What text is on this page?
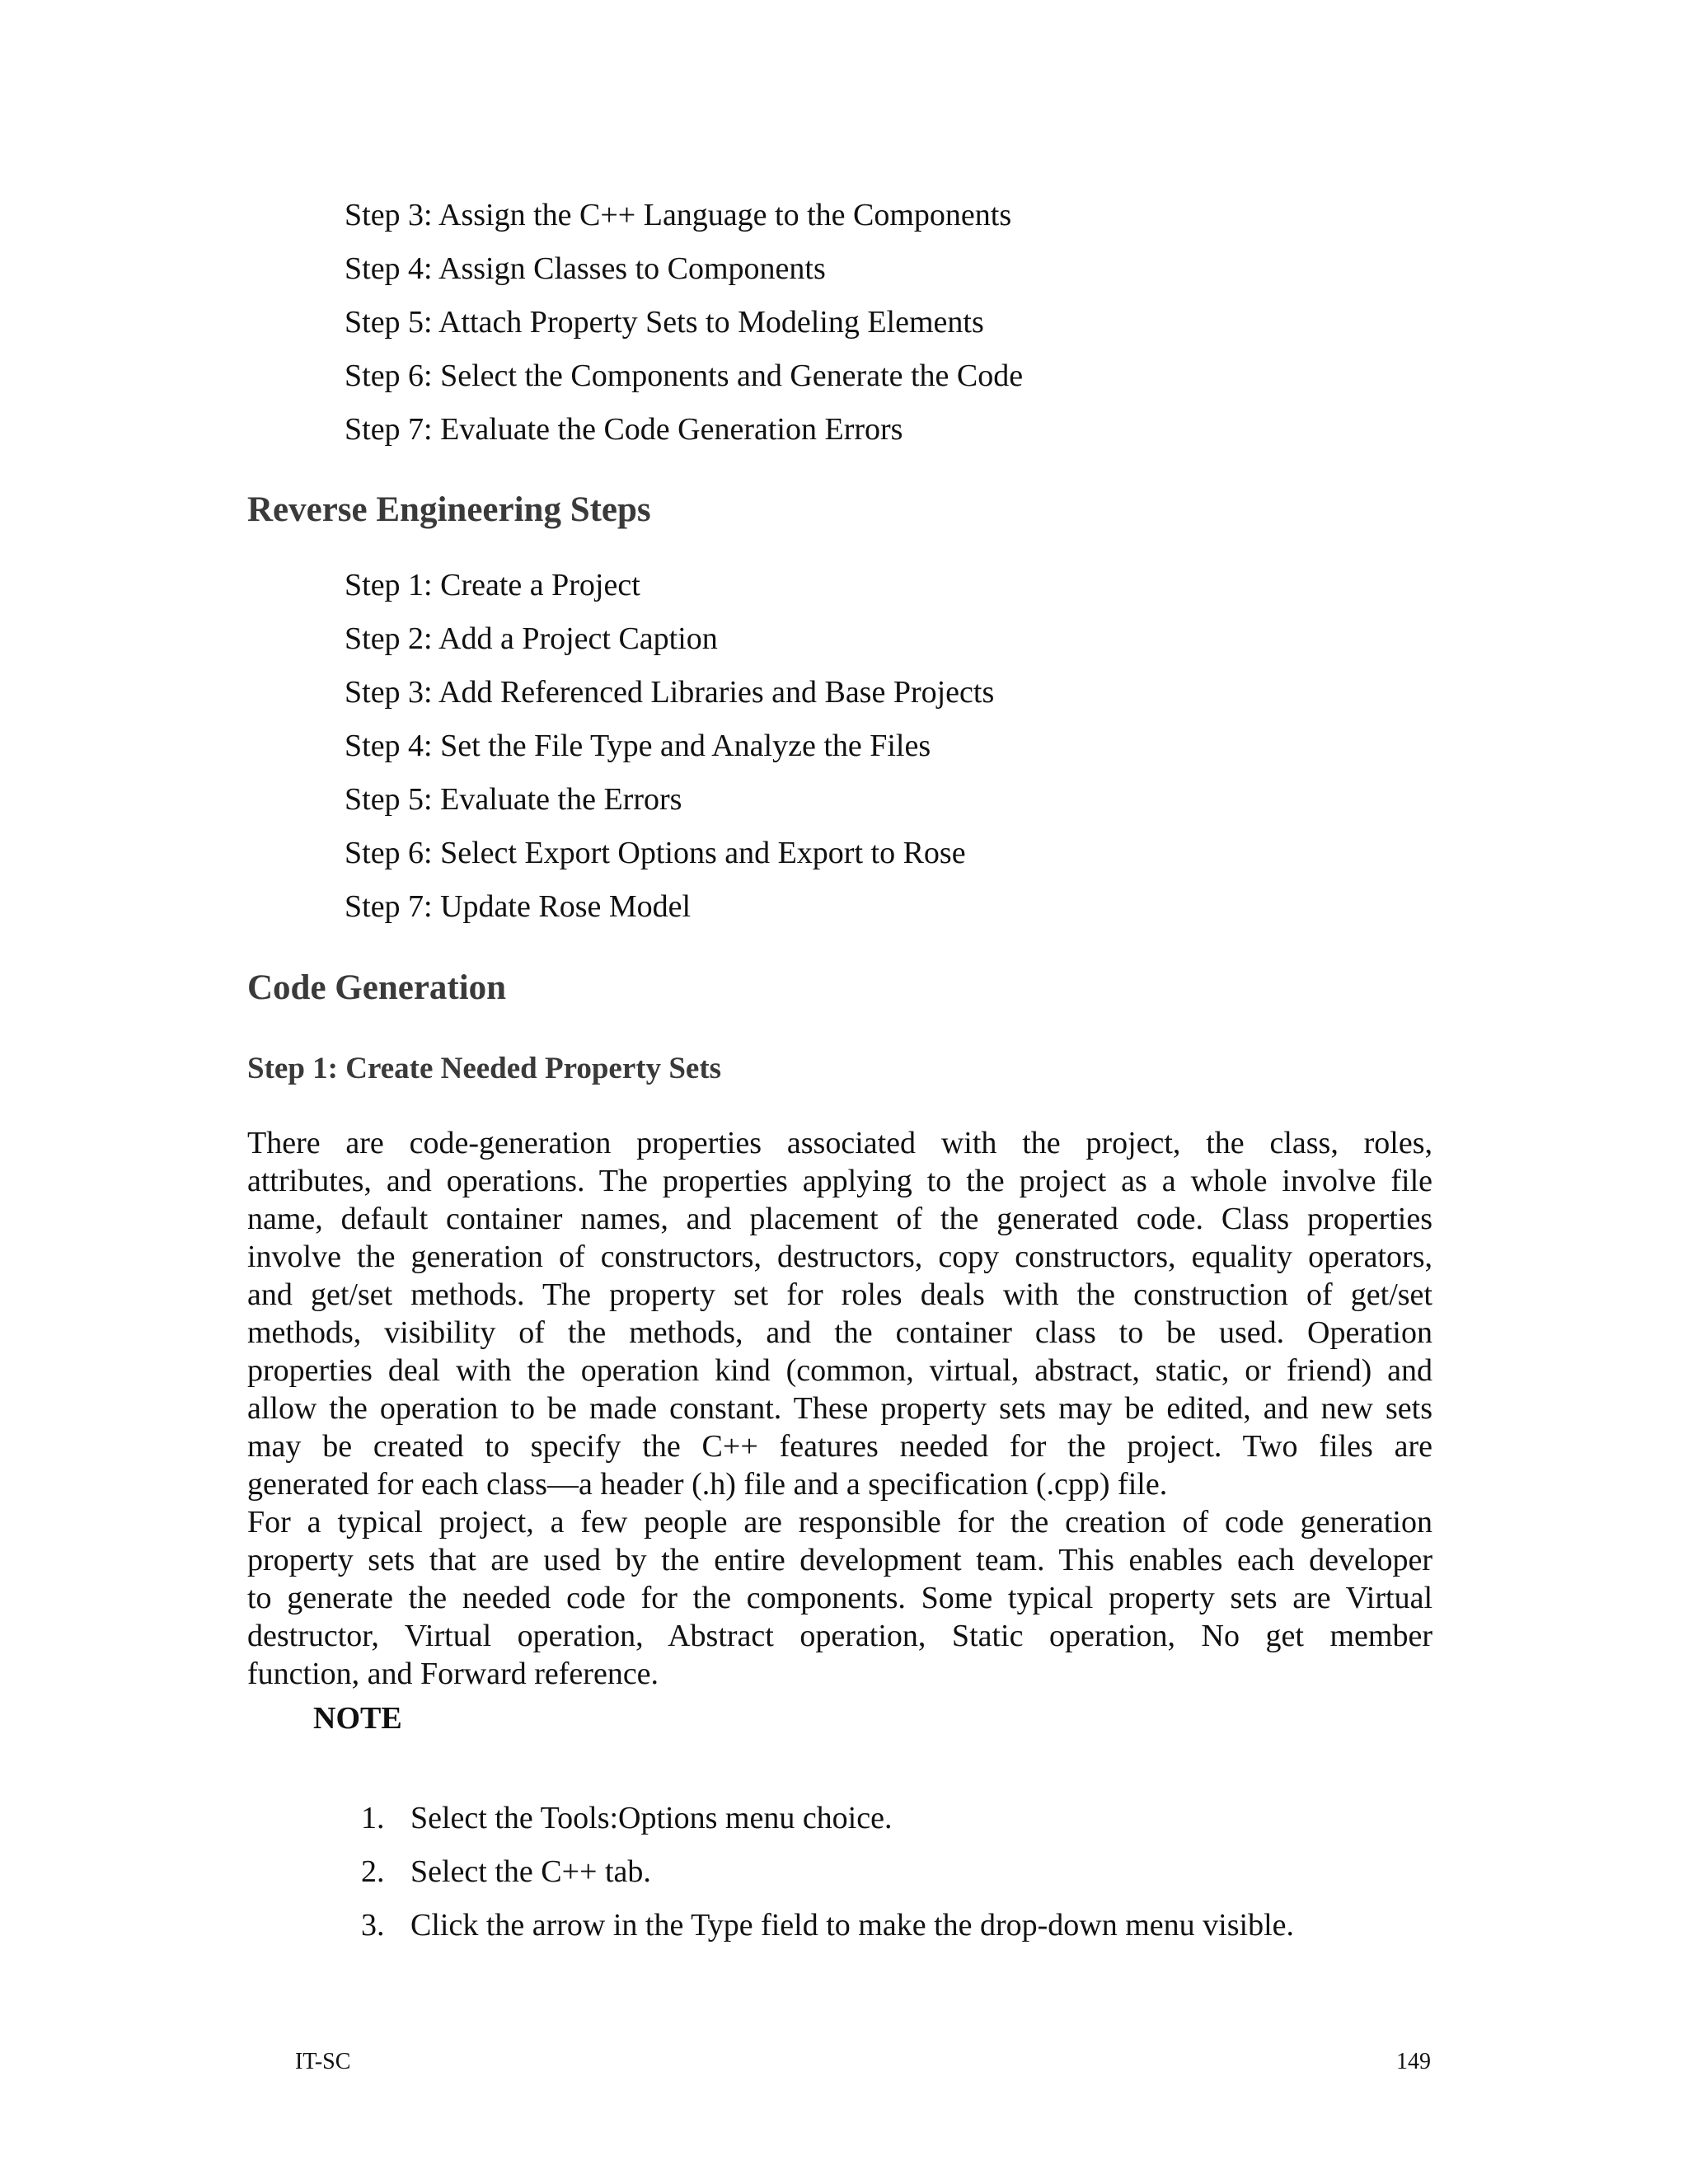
Step 3: Assign the C++ Language to the Components
Step 4: Assign Classes to Components
Step 5: Attach Property Sets to Modeling Elements
Step 6: Select the Components and Generate the Code
Step 7: Evaluate the Code Generation Errors
Reverse Engineering Steps
Step 1: Create a Project
Step 2: Add a Project Caption
Step 3: Add Referenced Libraries and Base Projects
Step 4: Set the File Type and Analyze the Files
Step 5: Evaluate the Errors
Step 6: Select Export Options and Export to Rose
Step 7: Update Rose Model
Code Generation
Step 1: Create Needed Property Sets
There are code-generation properties associated with the project, the class, roles,
attributes, and operations. The properties applying to the project as a whole involve file
name, default container names, and placement of the generated code. Class properties
involve the generation of constructors, destructors, copy constructors, equality operators,
and get/set methods. The property set for roles deals with the construction of get/set
methods, visibility of the methods, and the container class to be used. Operation
properties deal with the operation kind (common, virtual, abstract, static, or friend) and
allow the operation to be made constant. These property sets may be edited, and new sets
may be created to specify the C++ features needed for the project. Two files are
generated for each class—a header (.h) file and a specification (.cpp) file.
For a typical project, a few people are responsible for the creation of code generation
property sets that are used by the entire development team. This enables each developer
to generate the needed code for the components. Some typical property sets are Virtual
destructor, Virtual operation, Abstract operation, Static operation, No get member
function, and Forward reference.
NOTE
1. Select the Tools:Options menu choice.
2. Select the C++ tab.
3. Click the arrow in the Type field to make the drop-down menu visible.
IT-SC	149
